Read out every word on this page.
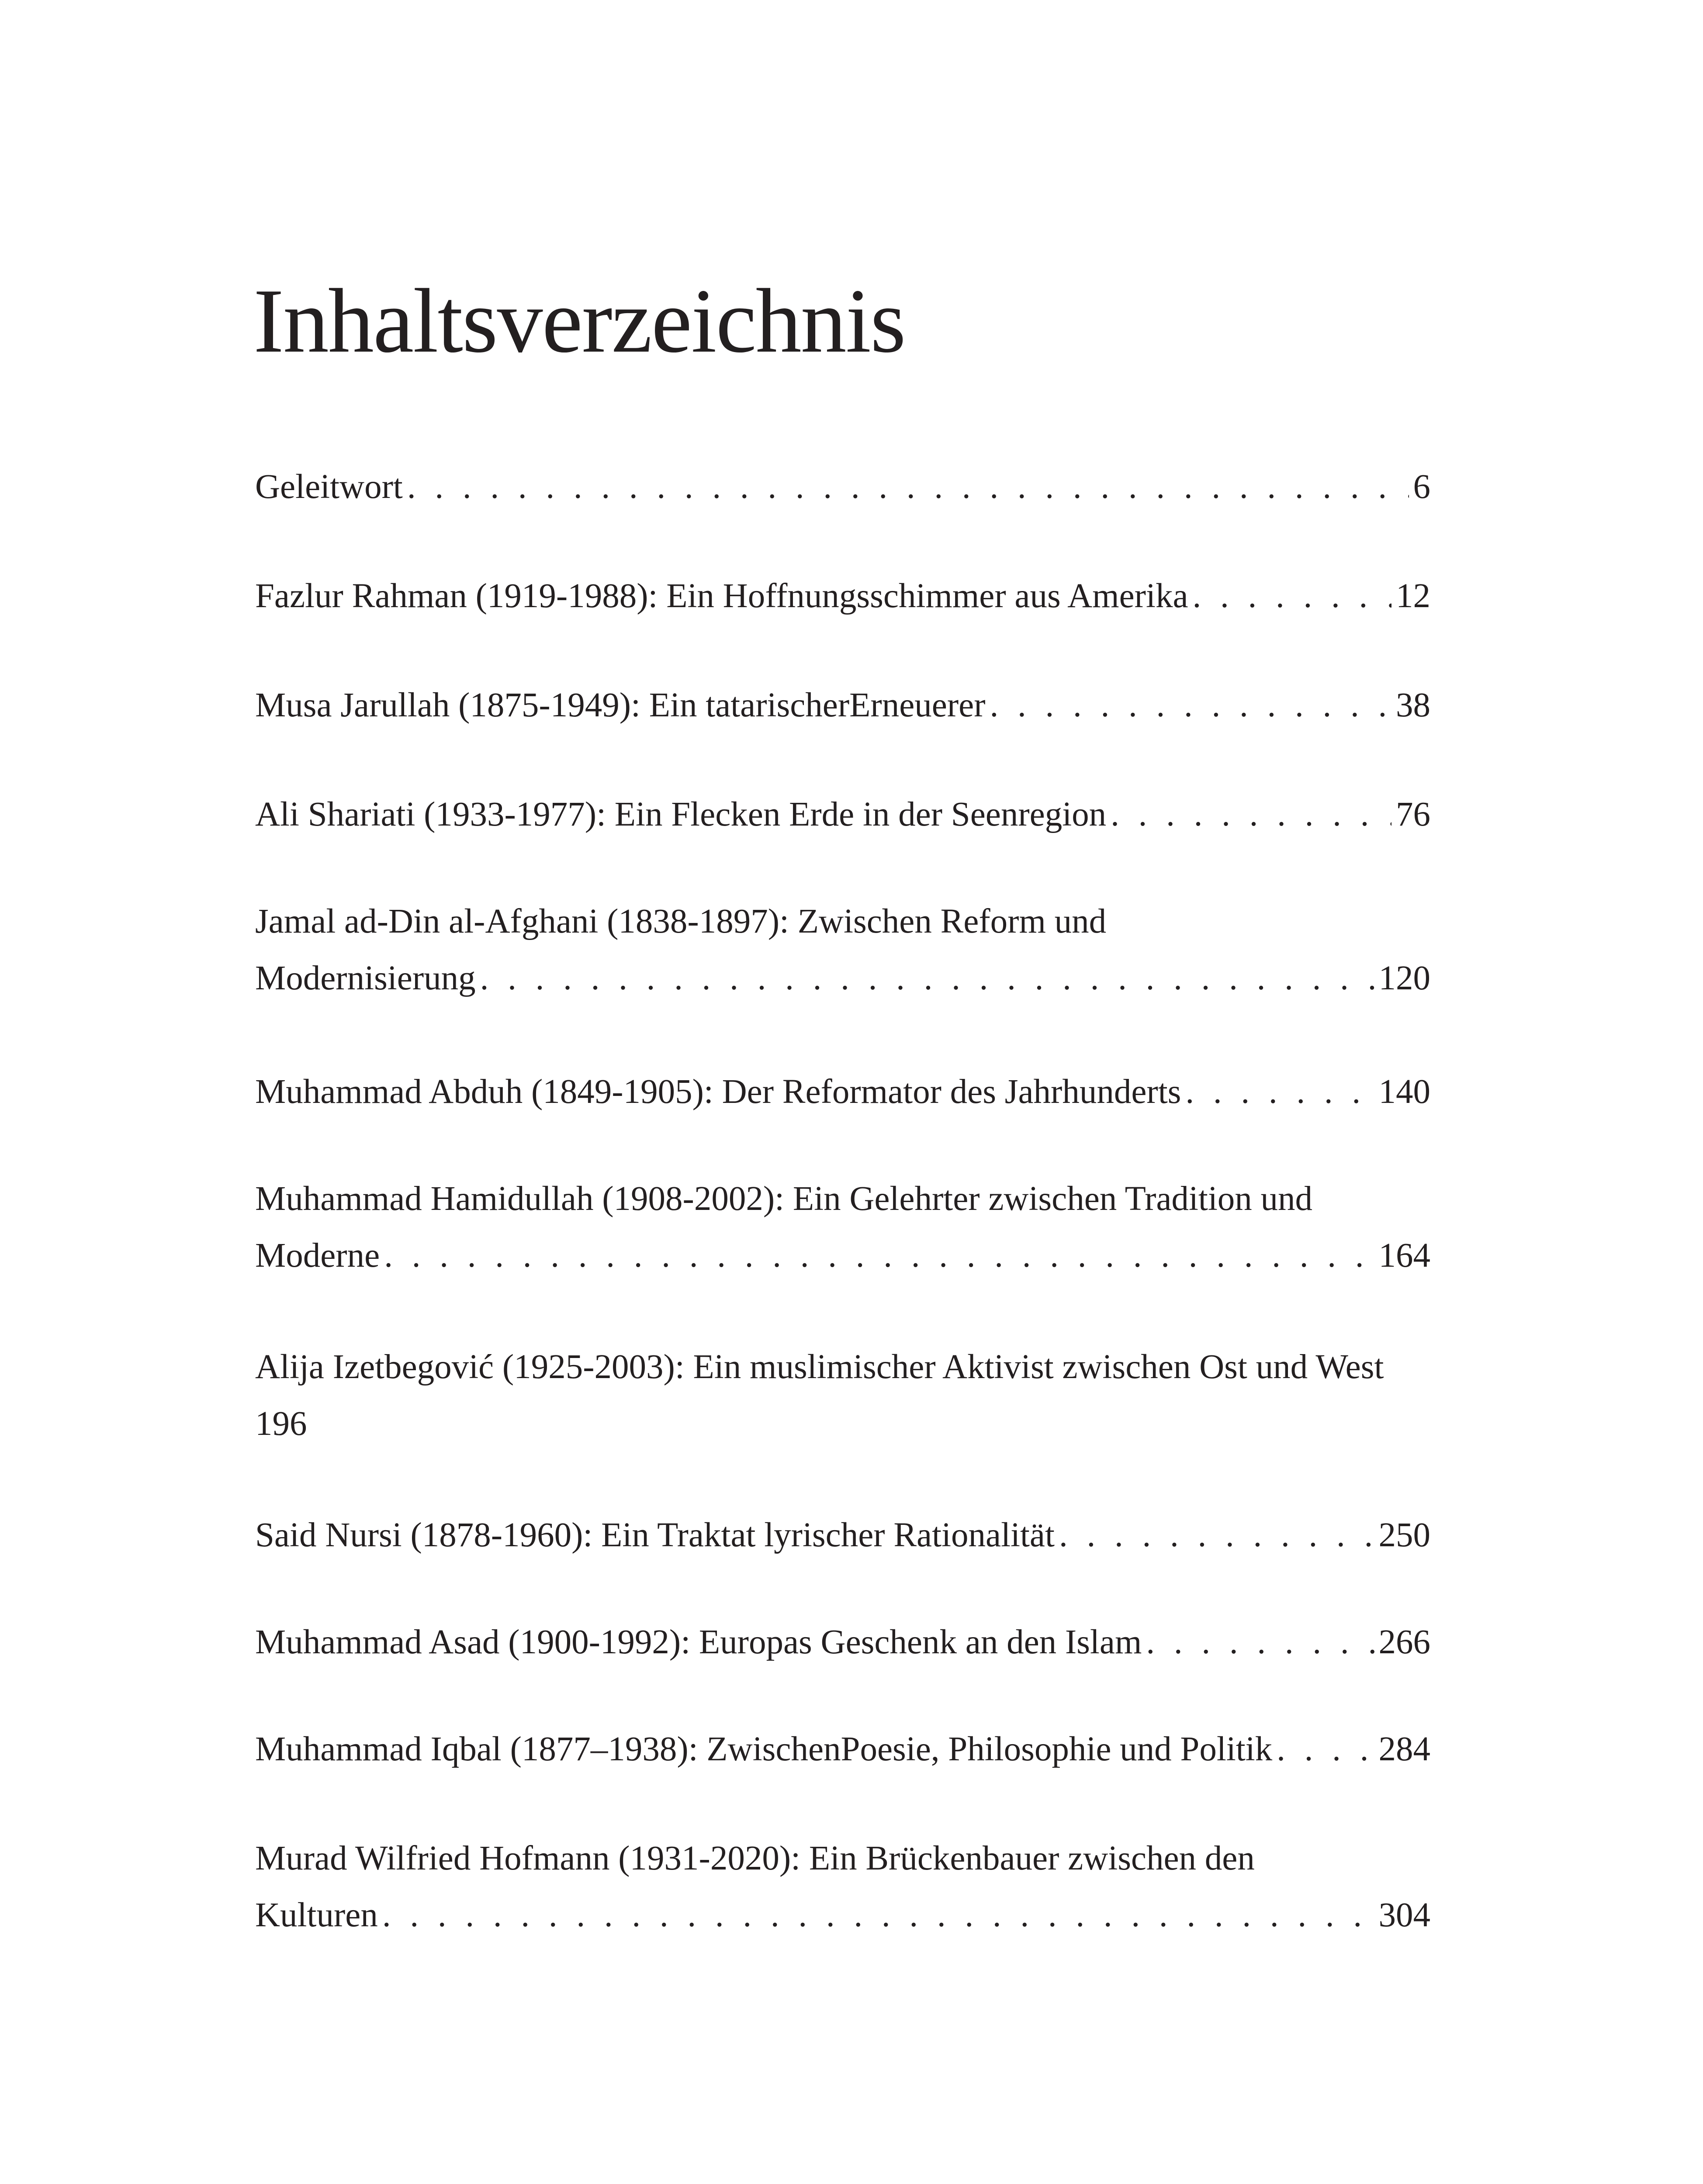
Inhaltsverzeichnis
Geleitwort . . .	6
Fazlur Rahman (1919-1988): Ein Hoffnungsschimmer aus Amerika . . .	12
Musa Jarullah (1875-1949): Ein tatarischerErneuerer . . .	38
Ali Shariati (1933-1977): Ein Flecken Erde in der Seenregion . . .	76
Jamal ad-Din al-Afghani (1838-1897): Zwischen Reform und
Modernisierung . . .	120
Muhammad Abduh (1849-1905): Der Reformator des Jahrhunderts . . .	140
Muhammad Hamidullah (1908-2002): Ein Gelehrter zwischen Tradition und
Moderne . . .	164
Alija Izetbegović (1925-2003): Ein muslimischer Aktivist zwischen Ost und West
196
Said Nursi (1878-1960): Ein Traktat lyrischer Rationalität . . .	250
Muhammad Asad (1900-1992): Europas Geschenk an den Islam . . .	266
Muhammad Iqbal (1877–1938): ZwischenPoesie, Philosophie und Politik . . .	284
Murad Wilfried Hofmann (1931-2020): Ein Brückenbauer zwischen den
Kulturen . . .	304
